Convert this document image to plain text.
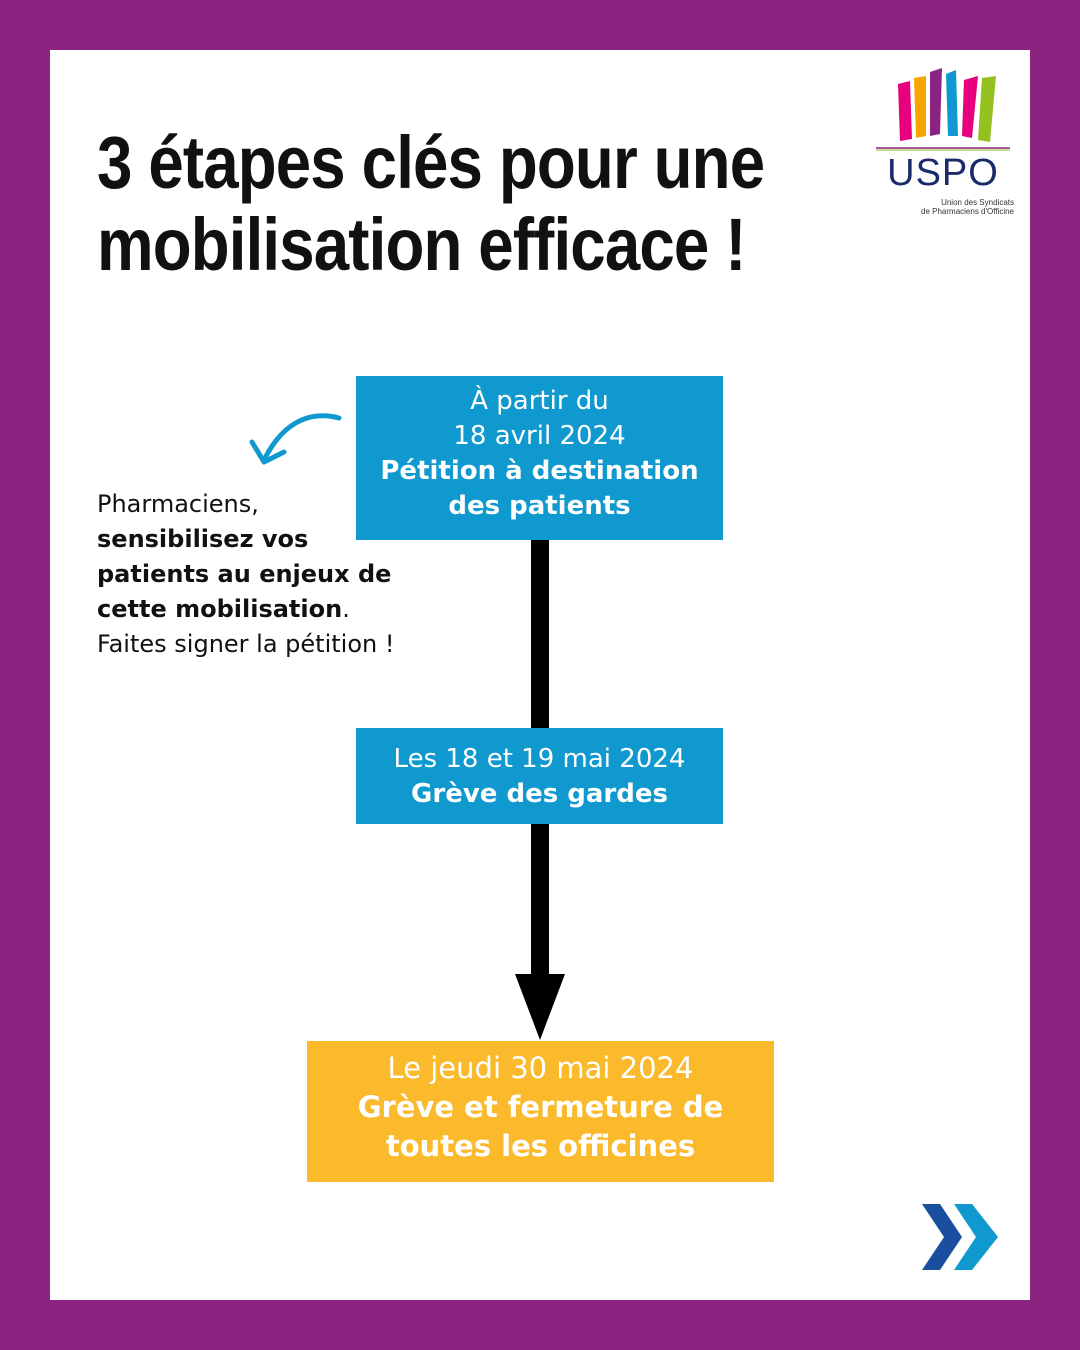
3 étapes clés pour une
mobilisation efficace !
USPO
Union des Syndicats
de Pharmaciens d'Officine
Pharmaciens,
sensibilisez vos
patients au enjeux de
cette mobilisation.
Faites signer la pétition !
À partir du
18 avril 2024
Pétition à destination
des patients
Les 18 et 19 mai 2024
Grève des gardes
Le jeudi 30 mai 2024
Grève et fermeture de
toutes les officines
